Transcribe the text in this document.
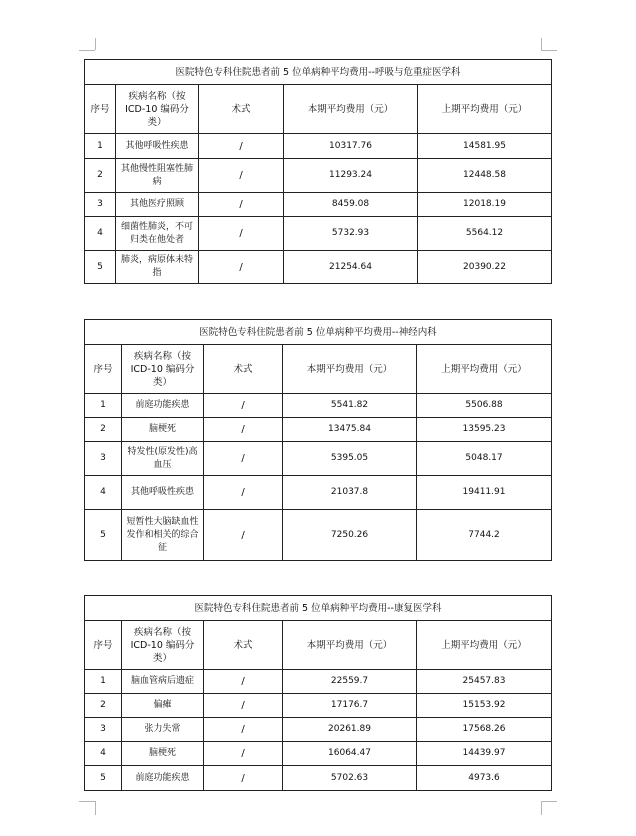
医院特色专科住院患者前 5 位单病种平均费用--呼吸与危重症医学科				
序号	疾病名称（按 ICD-10 编码分类）	术式	本期平均费用（元）	上期平均费用（元）
1	其他呼吸性疾患	/	10317.76	14581.95
2	其他慢性阻塞性肺病	/	11293.24	12448.58
3	其他医疗照顾	/	8459.08	12018.19
4	细菌性肺炎，不可归类在他处者	/	5732.93	5564.12
5	肺炎，病原体未特指	/	21254.64	20390.22
医院特色专科住院患者前 5 位单病种平均费用--神经内科				
序号	疾病名称（按 ICD-10 编码分类）	术式	本期平均费用（元）	上期平均费用（元）
1	前庭功能疾患	/	5541.82	5506.88
2	脑梗死	/	13475.84	13595.23
3	特发性(原发性)高血压	/	5395.05	5048.17
4	其他呼吸性疾患	/	21037.8	19411.91
5	短暂性大脑缺血性发作和相关的综合征	/	7250.26	7744.2
医院特色专科住院患者前 5 位单病种平均费用--康复医学科				
序号	疾病名称（按 ICD-10 编码分类）	术式	本期平均费用（元）	上期平均费用（元）
1	脑血管病后遗症	/	22559.7	25457.83
2	偏瘫	/	17176.7	15153.92
3	张力失常	/	20261.89	17568.26
4	脑梗死	/	16064.47	14439.97
5	前庭功能疾患	/	5702.63	4973.6
